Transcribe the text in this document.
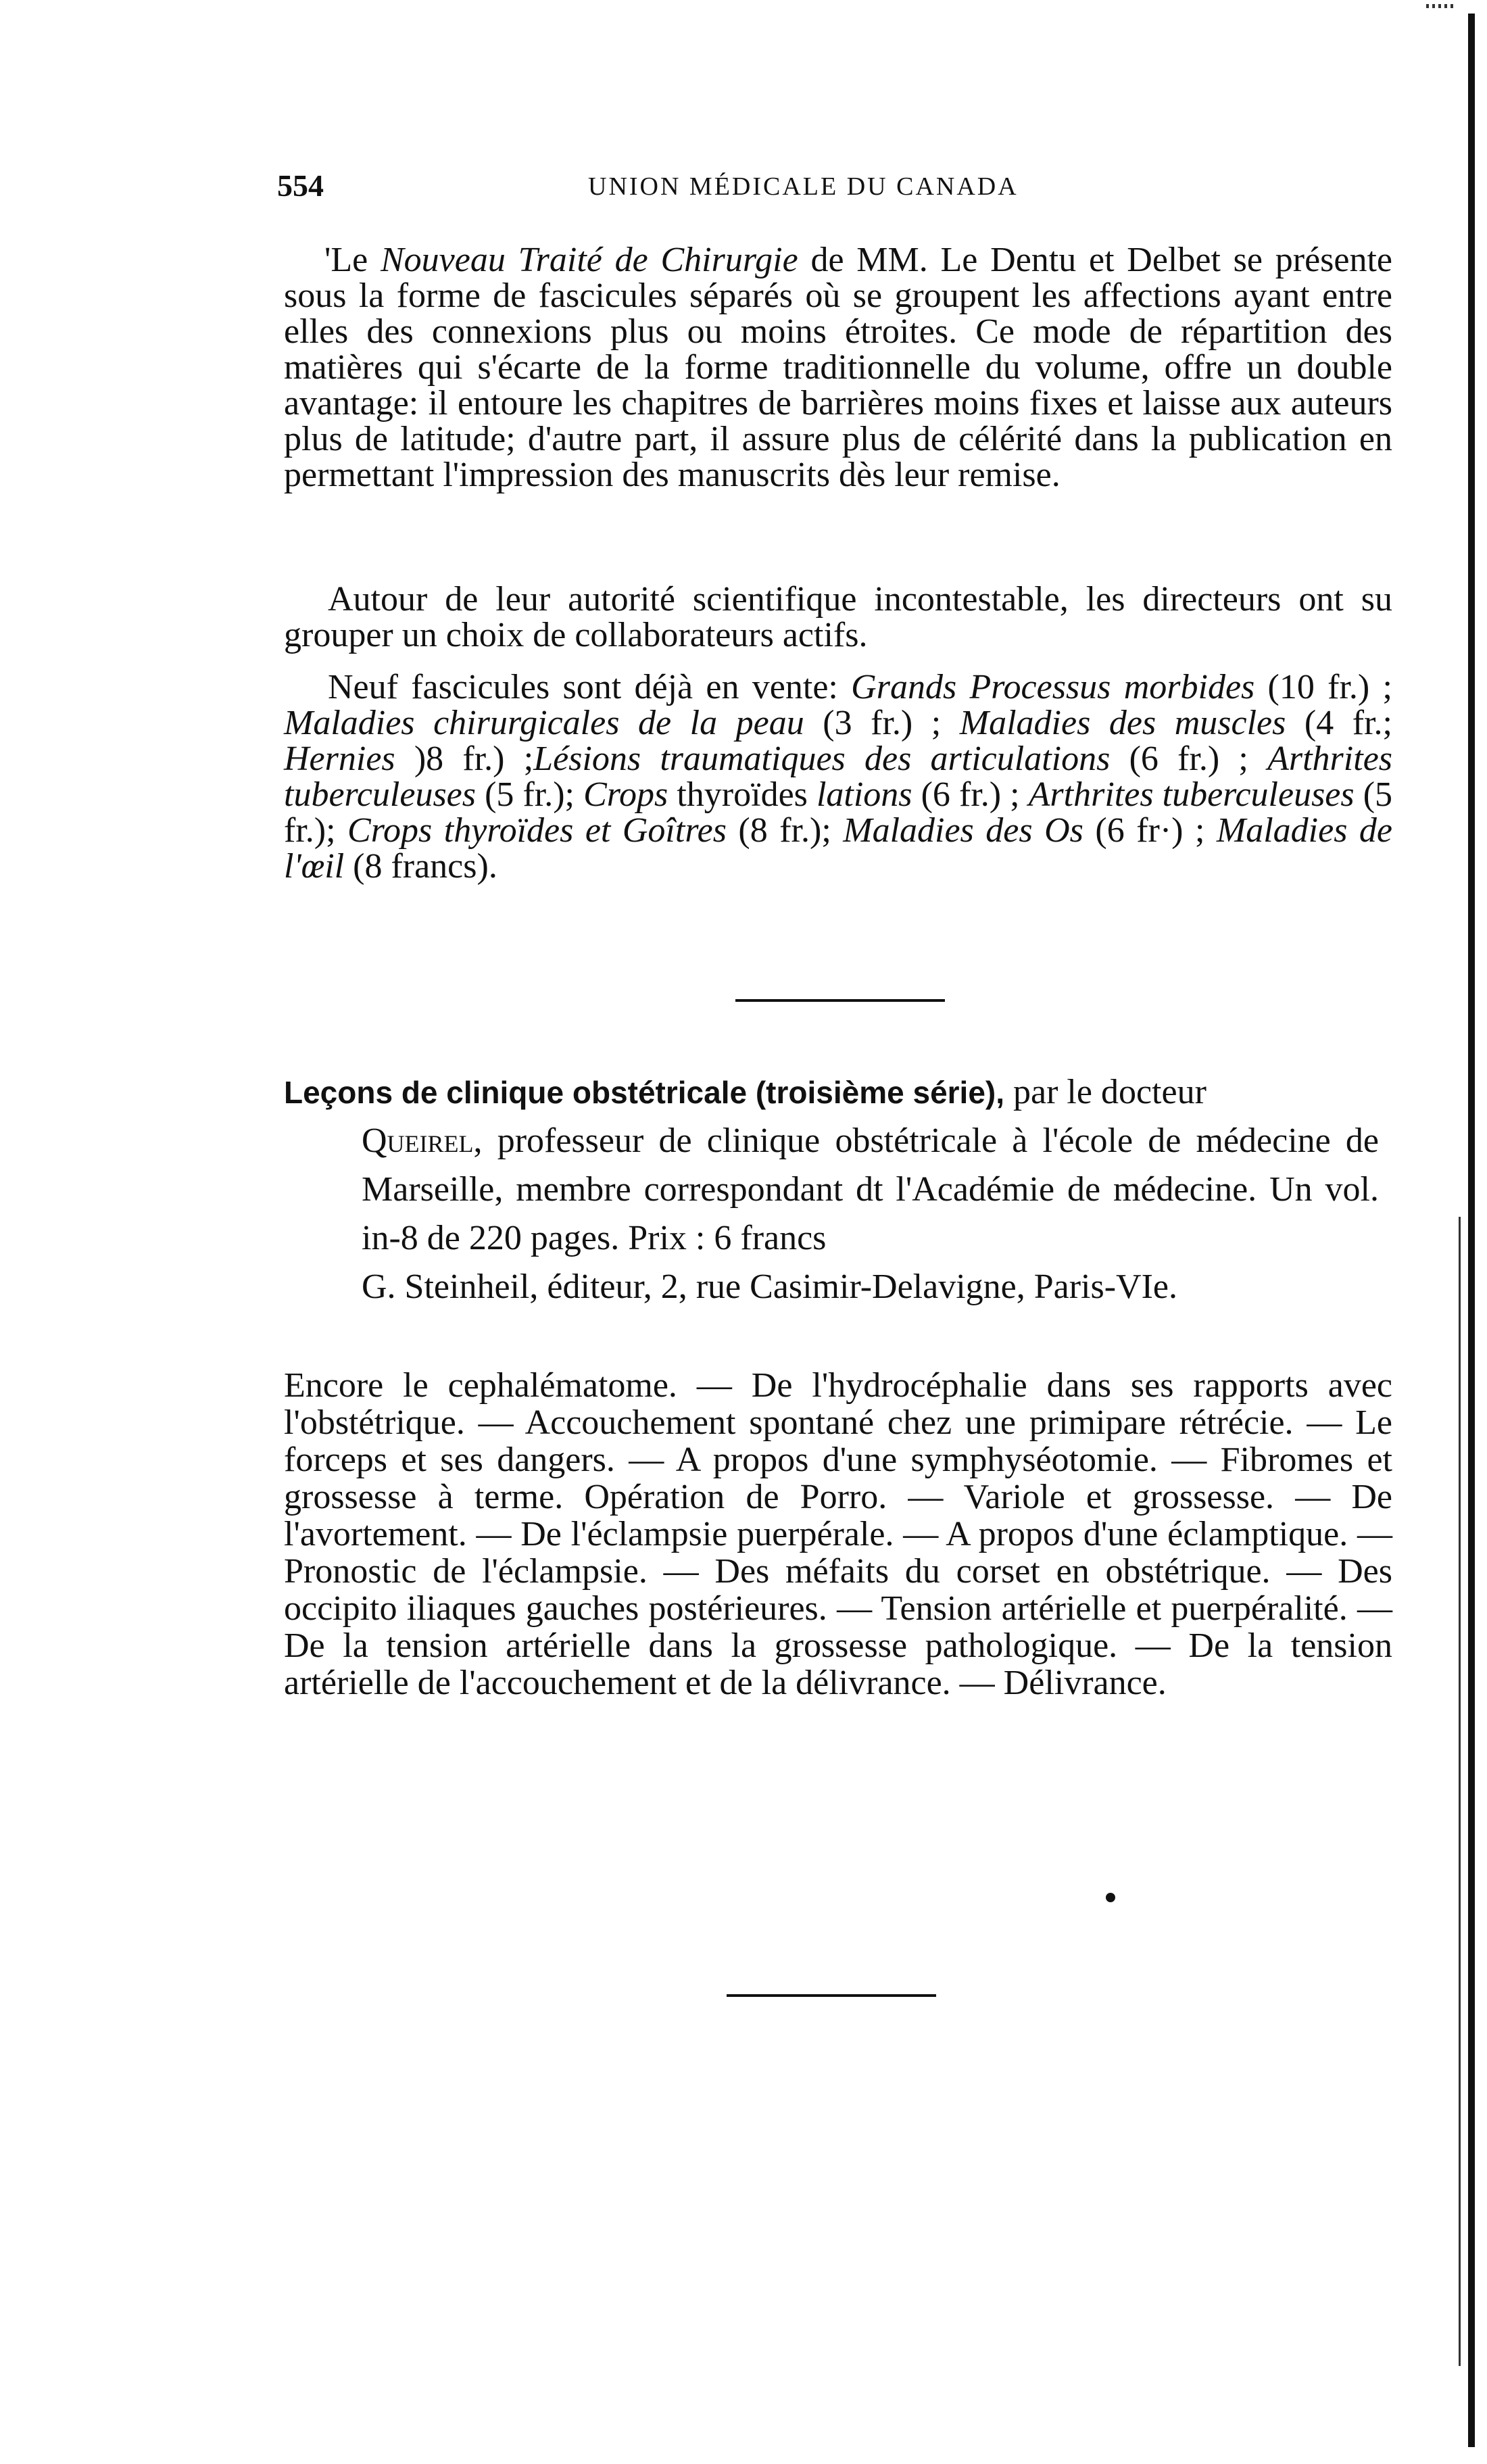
554	UNION MÉDICALE DU CANADA

'Le Nouveau Traité de Chirurgie de MM. Le Dentu et Delbet se présente sous la forme de fascicules séparés où se groupent les affections ayant entre elles des connexions plus ou moins étroites. Ce mode de répartition des matières qui s'écarte de la forme traditionnelle du volume, offre un double avantage: il entoure les chapitres de barrières moins fixes et laisse aux auteurs plus de latitude; d'autre part, il assure plus de célérité dans la publication en permettant l'impression des manuscrits dès leur remise.

Autour de leur autorité scientifique incontestable, les directeurs ont su grouper un choix de collaborateurs actifs.

Neuf fascicules sont déjà en vente: Grands Processus morbides (10 fr.) ; Maladies chirurgicales de la peau (3 fr.) ; Maladies des muscles (4 fr.; Hernies )8 fr.) ;Lésions traumatiques des articulations (6 fr.) ; Arthrites tuberculeuses (5 fr.); Crops thyroïdes lations (6 fr.) ; Arthrites tuberculeuses (5 fr.); Crops thyroïdes et Goîtres (8 fr.); Maladies des Os (6 fr·) ; Maladies de l'œil (8 francs).

Leçons de clinique obstétricale (troisième série), par le docteur

Queirel, professeur de clinique obstétricale à l'école de médecine de Marseille, membre correspondant dt l'Académie de médecine. Un vol. in-8 de 220 pages. Prix : 6 francs

G. Steinheil, éditeur, 2, rue Casimir-Delavigne, Paris-VIe.

Encore le cephalématome. — De l'hydrocéphalie dans ses rapports avec l'obstétrique. — Accouchement spontané chez une primipare rétrécie. — Le forceps et ses dangers. — A propos d'une symphyséotomie. — Fibromes et grossesse à terme. Opération de Porro. — Variole et grossesse. — De l'avortement. — De l'éclampsie puerpérale. — A propos d'une éclamptique. — Pronostic de l'éclampsie. — Des méfaits du corset en obstétrique. — Des occipito iliaques gauches postérieures. — Tension artérielle et puerpéralité. — De la tension artérielle dans la grossesse pathologique. — De la tension artérielle de l'accouchement et de la délivrance. — Délivrance.
